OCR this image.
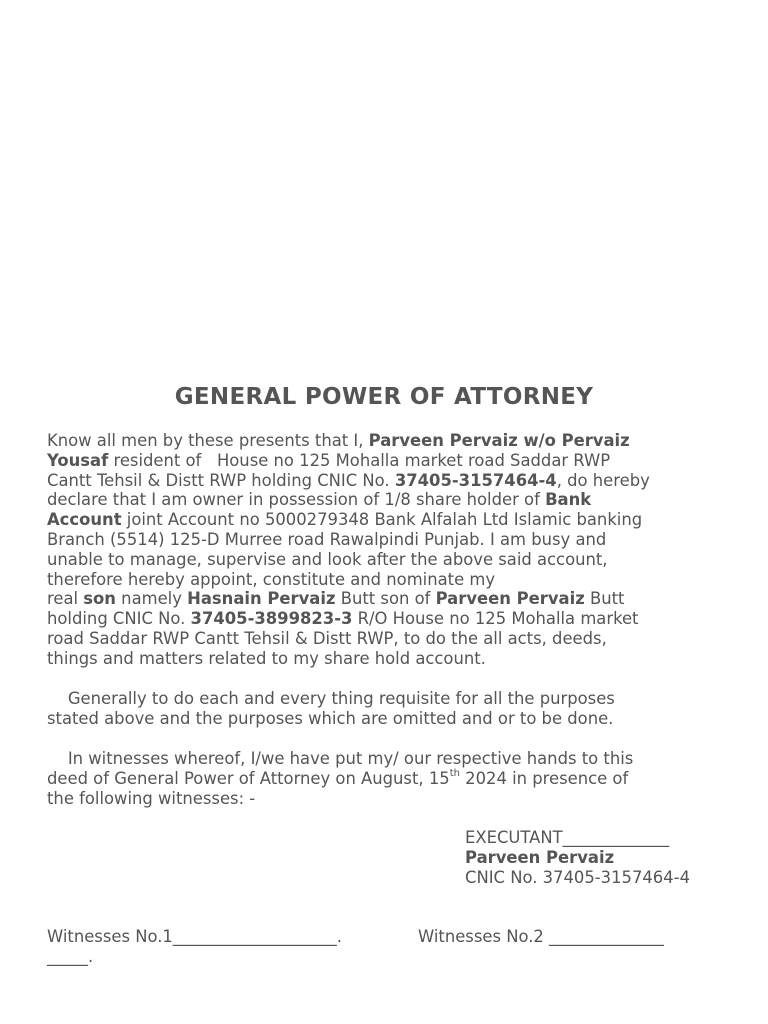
GENERAL POWER OF ATTORNEY
Know all men by these presents that I, Parveen Pervaiz w/o Pervaiz
Yousaf resident of   House no 125 Mohalla market road Saddar RWP
Cantt Tehsil & Distt RWP holding CNIC No. 37405-3157464-4, do hereby
declare that I am owner in possession of 1/8 share holder of Bank
Account joint Account no 5000279348 Bank Alfalah Ltd Islamic banking
Branch (5514) 125-D Murree road Rawalpindi Punjab. I am busy and
unable to manage, supervise and look after the above said account,
therefore hereby appoint, constitute and nominate my
real son namely Hasnain Pervaiz Butt son of Parveen Pervaiz Butt
holding CNIC No. 37405-3899823-3 R/O House no 125 Mohalla market
road Saddar RWP Cantt Tehsil & Distt RWP, to do the all acts, deeds,
things and matters related to my share hold account.
Generally to do each and every thing requisite for all the purposes
stated above and the purposes which are omitted and or to be done.
In witnesses whereof, I/we have put my/ our respective hands to this
deed of General Power of Attorney on August, 15th 2024 in presence of
the following witnesses: -
EXECUTANT_____________
Parveen Pervaiz
CNIC No. 37405-3157464-4
Witnesses No.1____________________.	Witnesses No.2 ______________
_____.
